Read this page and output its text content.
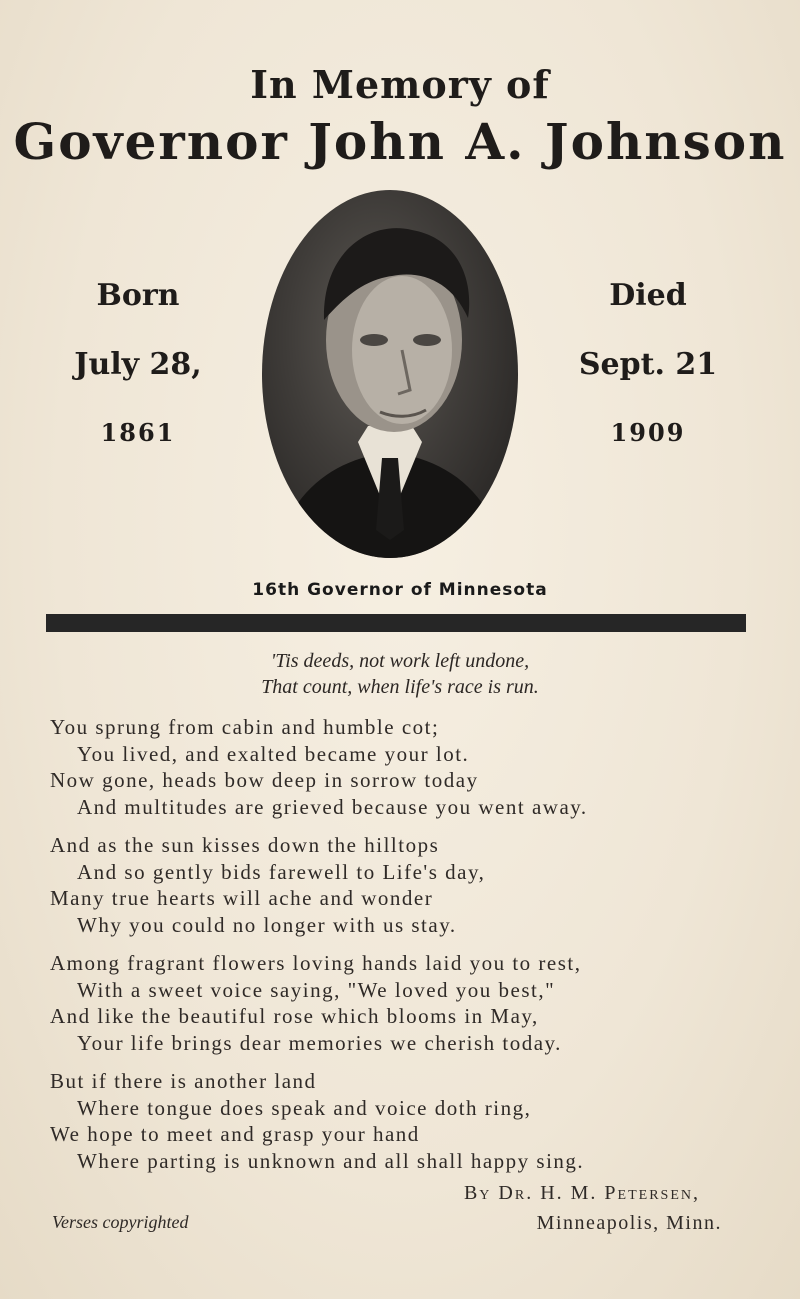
In Memory of
Governor John A. Johnson
Born
July 28,
1861
Died
Sept. 21
1909
16th Governor of Minnesota
'Tis deeds, not work left undone,
That count, when life's race is run.
You sprung from cabin and humble cot;
You lived, and exalted became your lot.
Now gone, heads bow deep in sorrow today
And multitudes are grieved because you went away.
And as the sun kisses down the hilltops
And so gently bids farewell to Life's day,
Many true hearts will ache and wonder
Why you could no longer with us stay.
Among fragrant flowers loving hands laid you to rest,
With a sweet voice saying, "We loved you best,"
And like the beautiful rose which blooms in May,
Your life brings dear memories we cherish today.
But if there is another land
Where tongue does speak and voice doth ring,
We hope to meet and grasp your hand
Where parting is unknown and all shall happy sing.
By Dr. H. M. Petersen,
Verses copyrighted	Minneapolis, Minn.
